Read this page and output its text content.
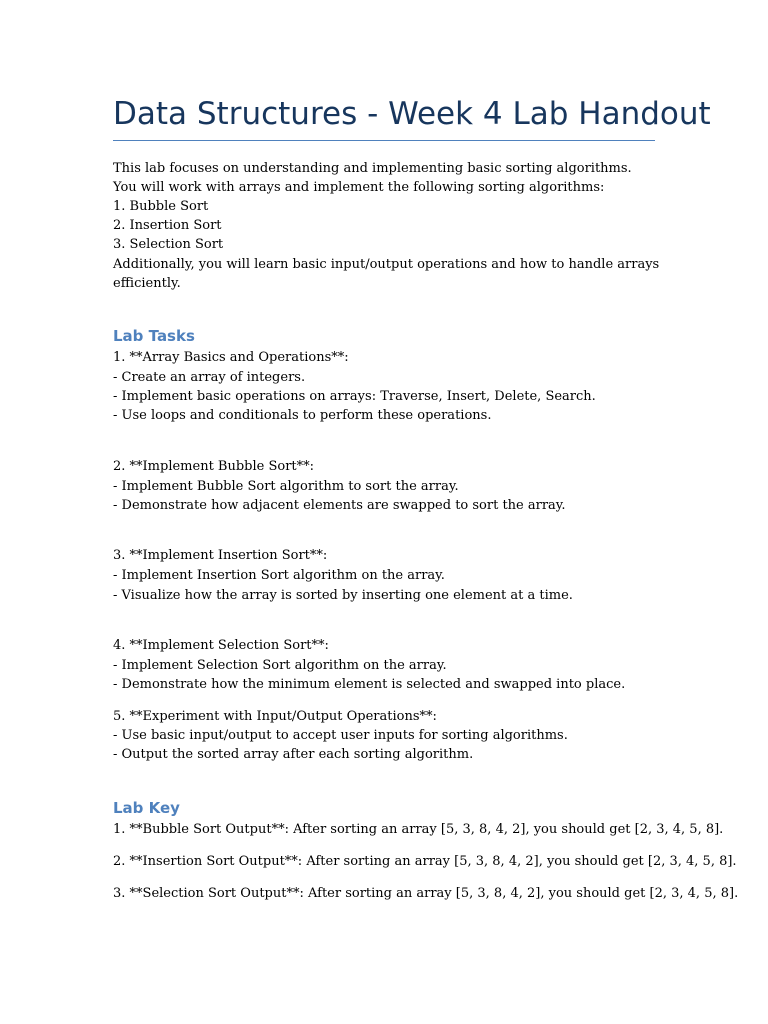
Data Structures - Week 4 Lab Handout

This lab focuses on understanding and implementing basic sorting algorithms.

You will work with arrays and implement the following sorting algorithms:

1. Bubble Sort

2. Insertion Sort

3. Selection Sort

Additionally, you will learn basic input/output operations and how to handle arrays

efficiently.

Lab Tasks

1. **Array Basics and Operations**:

- Create an array of integers.

- Implement basic operations on arrays: Traverse, Insert, Delete, Search.

- Use loops and conditionals to perform these operations.

2. **Implement Bubble Sort**:

- Implement Bubble Sort algorithm to sort the array.

- Demonstrate how adjacent elements are swapped to sort the array.

3. **Implement Insertion Sort**:

- Implement Insertion Sort algorithm on the array.

- Visualize how the array is sorted by inserting one element at a time.

4. **Implement Selection Sort**:

- Implement Selection Sort algorithm on the array.

- Demonstrate how the minimum element is selected and swapped into place.

5. **Experiment with Input/Output Operations**:

- Use basic input/output to accept user inputs for sorting algorithms.

- Output the sorted array after each sorting algorithm.

Lab Key

1. **Bubble Sort Output**: After sorting an array [5, 3, 8, 4, 2], you should get [2, 3, 4, 5, 8].

2. **Insertion Sort Output**: After sorting an array [5, 3, 8, 4, 2], you should get [2, 3, 4, 5, 8].

3. **Selection Sort Output**: After sorting an array [5, 3, 8, 4, 2], you should get [2, 3, 4, 5, 8].
